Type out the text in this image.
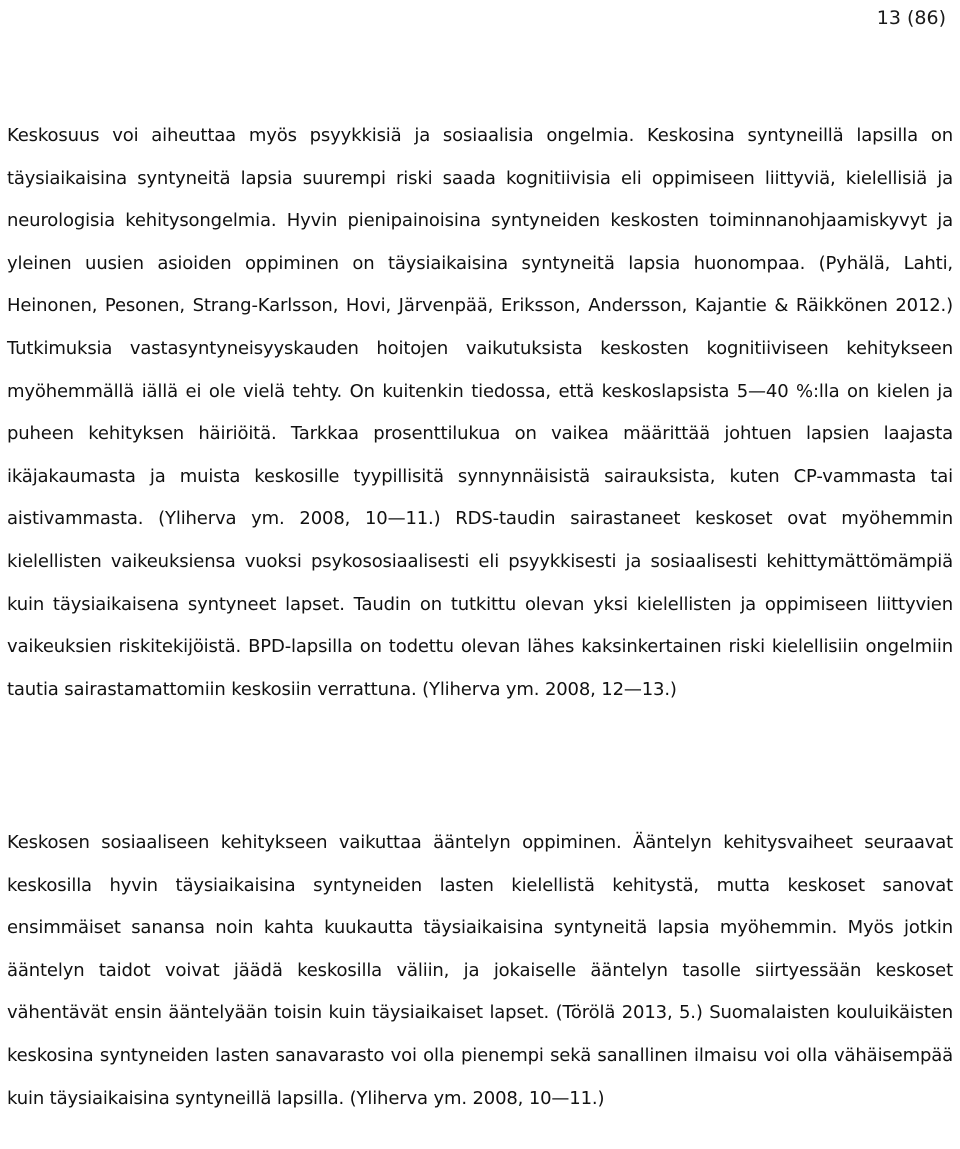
13 (86)

Keskosuus voi aiheuttaa myös psyykkisiä ja sosiaalisia ongelmia. Keskosina syntyneillä lapsilla on täysiaikaisina syntyneitä lapsia suurempi riski saada kognitiivisia eli oppimiseen liittyviä, kielellisiä ja neurologisia kehitysongelmia. Hyvin pienipainoisina syntyneiden keskosten toiminnanohjaamiskyvyt ja yleinen uusien asioiden oppiminen on täysiaikaisina syntyneitä lapsia huonompaa. (Pyhälä, Lahti, Heinonen, Pesonen, Strang-Karlsson, Hovi, Järvenpää, Eriksson, Andersson, Kajantie & Räikkönen 2012.) Tutkimuksia vastasyntyneisyyskauden hoitojen vaikutuksista keskosten kognitiiviseen kehitykseen myöhemmällä iällä ei ole vielä tehty. On kuitenkin tiedossa, että keskoslapsista 5—40 %:lla on kielen ja puheen kehityksen häiriöitä. Tarkkaa prosenttilukua on vaikea määrittää johtuen lapsien laajasta ikäjakaumasta ja muista keskosille tyypillisitä synnynnäisistä sairauksista, kuten CP-vammasta tai aistivammasta. (Yliherva ym. 2008, 10—11.) RDS-taudin sairastaneet keskoset ovat myöhemmin kielellisten vaikeuksiensa vuoksi psykososiaalisesti eli psyykkisesti ja sosiaalisesti kehittymättömämpiä kuin täysiaikaisena syntyneet lapset. Taudin on tutkittu olevan yksi kielellisten ja oppimiseen liittyvien vaikeuksien riskitekijöistä. BPD-lapsilla on todettu olevan lähes kaksinkertainen riski kielellisiin ongelmiin tautia sairastamattomiin keskosiin verrattuna. (Yliherva ym. 2008, 12—13.)

Keskosen sosiaaliseen kehitykseen vaikuttaa ääntelyn oppiminen. Ääntelyn kehitysvaiheet seuraavat keskosilla hyvin täysiaikaisina syntyneiden lasten kielellistä kehitystä, mutta keskoset sanovat ensimmäiset sanansa noin kahta kuukautta täysiaikaisina syntyneitä lapsia myöhemmin. Myös jotkin ääntelyn taidot voivat jäädä keskosilla väliin, ja jokaiselle ääntelyn tasolle siirtyessään keskoset vähentävät ensin ääntelyään toisin kuin täysiaikaiset lapset. (Törölä 2013, 5.) Suomalaisten kouluikäisten keskosina syntyneiden lasten sanavarasto voi olla pienempi sekä sanallinen ilmaisu voi olla vähäisempää kuin täysiaikaisina syntyneillä lapsilla. (Yliherva ym. 2008, 10—11.)
